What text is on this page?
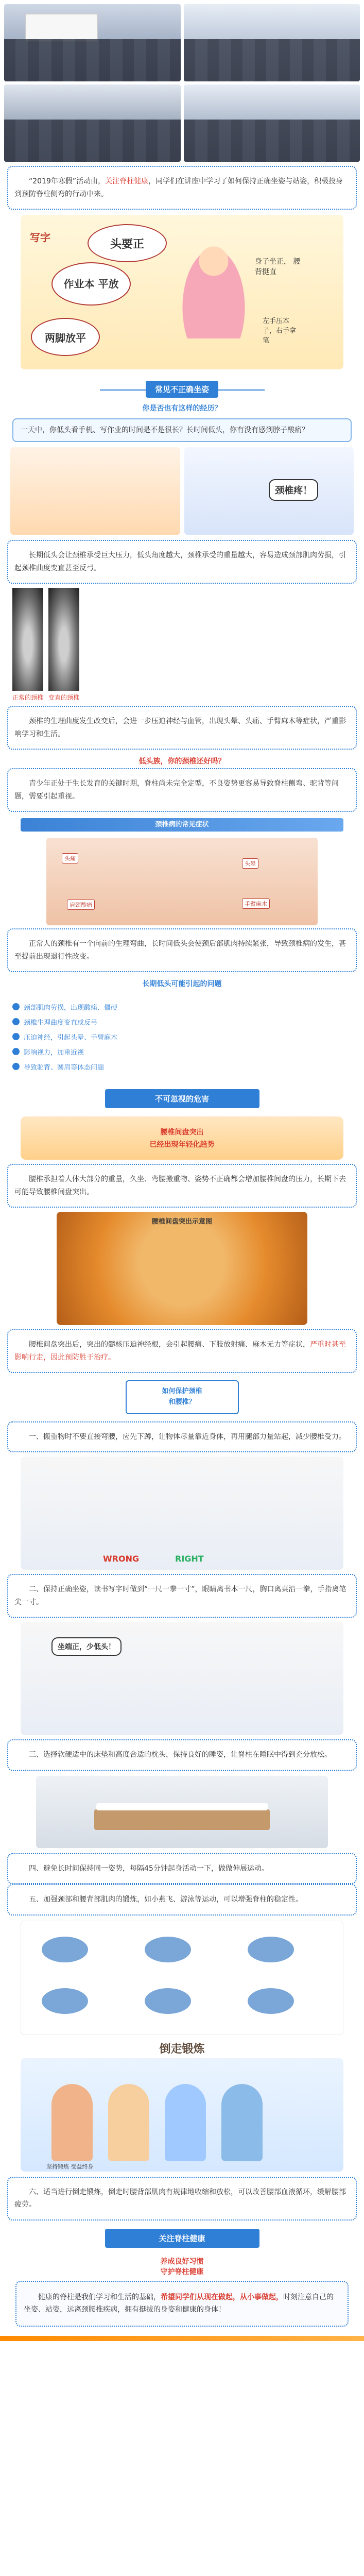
“2019年寒假”活动由，关注脊柱健康，同学们在讲座中学习了如何保持正确坐姿与站姿，积极投身到预防脊柱侧弯的行动中来。

写字
头要正
作业本 平放
两脚放平
身子坐正， 腰背挺直
左手压本子，右手拿笔
常见不正确坐姿
你是否也有这样的经历？
一天中，你低头看手机、写作业的时间是不是很长？长时间低头，你有没有感到脖子酸痛？
颈椎疼！

长期低头会让颈椎承受巨大压力，低头角度越大，颈椎承受的重量越大，容易造成颈部肌肉劳损，引起颈椎曲度变直甚至反弓。

正常的颈椎 变直的颈椎

颈椎的生理曲度发生改变后，会进一步压迫神经与血管，出现头晕、头痛、手臂麻木等症状，严重影响学习和生活。

低头族，你的颈椎还好吗？

青少年正处于生长发育的关键时期，脊柱尚未完全定型，不良姿势更容易导致脊柱侧弯、驼背等问题，需要引起重视。

颈椎病的常见症状
头痛
头晕
肩颈酸痛	手臂麻木

正常人的颈椎有一个向前的生理弯曲，长时间低头会使颈后部肌肉持续紧张，导致颈椎病的发生，甚至提前出现退行性改变。

长期低头可能引起的问题
颈部肌肉劳损，出现酸痛、僵硬
颈椎生理曲度变直或反弓
压迫神经，引起头晕、手臂麻木
影响视力，加重近视
导致驼背、圆肩等体态问题
不可忽视的危害
腰椎间盘突出
已经出现年轻化趋势

腰椎承担着人体大部分的重量，久坐、弯腰搬重物、姿势不正确都会增加腰椎间盘的压力，长期下去可能导致腰椎间盘突出。

腰椎间盘突出示意图

腰椎间盘突出后，突出的髓核压迫神经根，会引起腰痛、下肢放射痛、麻木无力等症状，严重时甚至影响行走，因此预防胜于治疗。

如何保护颈椎
和腰椎？

一、搬重物时不要直接弯腰，应先下蹲，让物体尽量靠近身体，再用腿部力量站起，减少腰椎受力。

WRONG	RIGHT

二、保持正确坐姿，读书写字时做到“一尺一拳一寸”，眼睛离书本一尺，胸口离桌沿一拳，手指离笔尖一寸。

坐端正，少低头！

三、选择软硬适中的床垫和高度合适的枕头，保持良好的睡姿，让脊柱在睡眠中得到充分放松。

四、避免长时间保持同一姿势，每隔45分钟起身活动一下，做做伸展运动。

五、加强颈部和腰背部肌肉的锻炼，如小燕飞、游泳等运动，可以增强脊柱的稳定性。

倒走锻炼
坚持锻炼 受益终身

六、适当进行倒走锻炼，倒走时腰背部肌肉有规律地收缩和放松，可以改善腰部血液循环，缓解腰部疲劳。

关注脊柱健康
养成良好习惯
守护脊柱健康

健康的脊柱是我们学习和生活的基础，希望同学们从现在做起，从小事做起，时刻注意自己的坐姿、站姿，远离颈腰椎疾病，拥有挺拔的身姿和健康的身体！
